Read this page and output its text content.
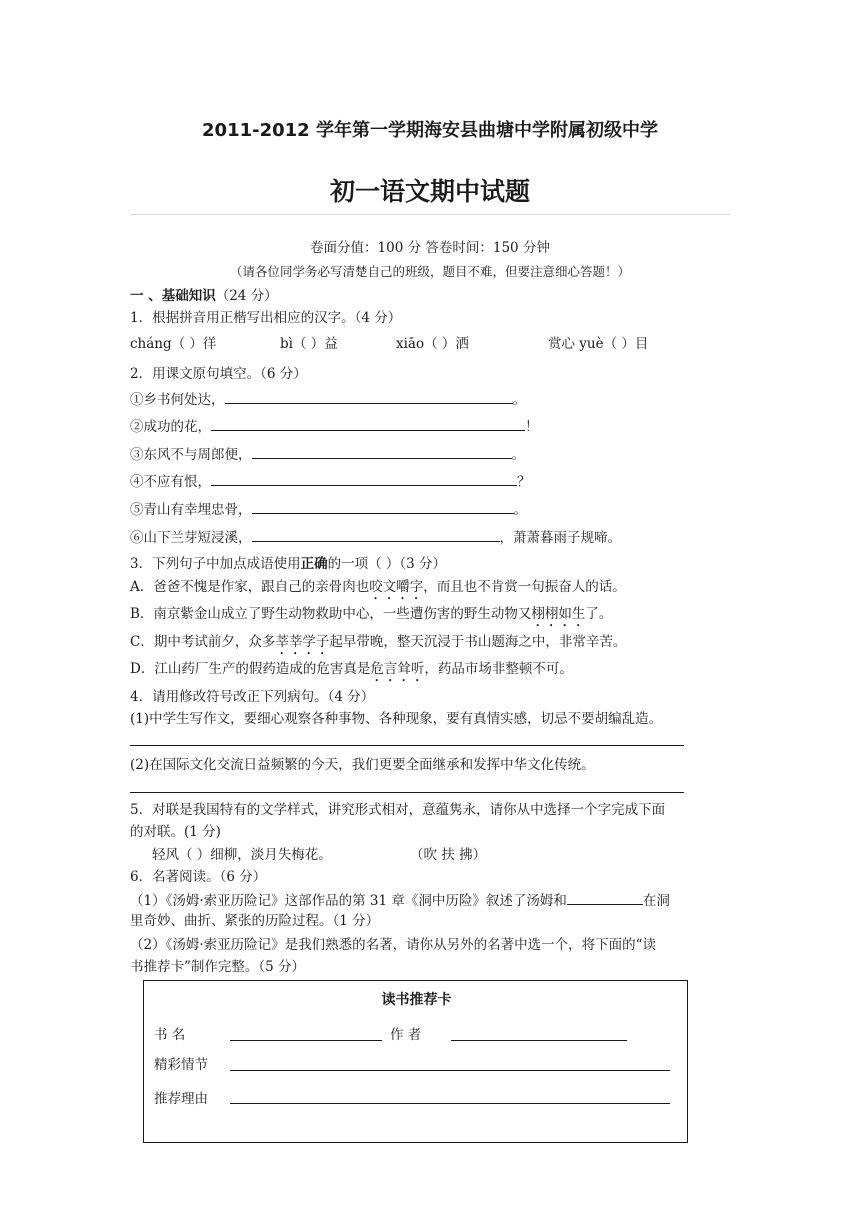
2011-2012 学年第一学期海安县曲塘中学附属初级中学
初一语文期中试题
卷面分值：100 分 答卷时间：150 分钟
（请各位同学务必写清楚自己的班级，题目不难，但要注意细心答题！）
一 、基础知识（24 分）
1．根据拼音用正楷写出相应的汉字。（4 分）
cháng（ ）徉	bì（ ）益	xiāo（ ）洒	赏心 yuè（ ）目
2．用课文原句填空。（6 分）
①乡书何处达，	。
②成功的花，	！
③东风不与周郎便，	。
④不应有恨，	？
⑤青山有幸埋忠骨，	。
⑥山下兰芽短浸溪，	，萧萧暮雨子规啼。
3．下列句子中加点成语使用正确的一项（ ）（3 分）
A．爸爸不愧是作家，跟自己的亲骨肉也咬文嚼字，而且也不肯赏一句振奋人的话。
B．南京紫金山成立了野生动物救助中心，一些遭伤害的野生动物又栩栩如生了。
C．期中考试前夕，众多莘莘学子起早带晚，整天沉浸于书山题海之中，非常辛苦。
D．江山药厂生产的假药造成的危害真是危言耸听，药品市场非整顿不可。
4．请用修改符号改正下列病句。（4 分）
(1)中学生写作文，要细心观察各种事物、各种现象，要有真情实感，切忌不要胡编乱造。
(2)在国际文化交流日益频繁的今天，我们更要全面继承和发挥中华文化传统。
5．对联是我国特有的文学样式，讲究形式相对，意蕴隽永，请你从中选择一个字完成下面
的对联。(1 分)
轻风（ ）细柳，淡月失梅花。	（吹 扶 拂）
6．名著阅读。（6 分）
（1）《汤姆·索亚历险记》这部作品的第 31 章《洞中历险》叙述了汤姆和	在洞
里奇妙、曲折、紧张的历险过程。（1 分）
（2）《汤姆·索亚历险记》是我们熟悉的名著，请你从另外的名著中选一个，将下面的“读
书推荐卡”制作完整。（5 分）
读书推荐卡
书 名	作 者
精彩情节
推荐理由
